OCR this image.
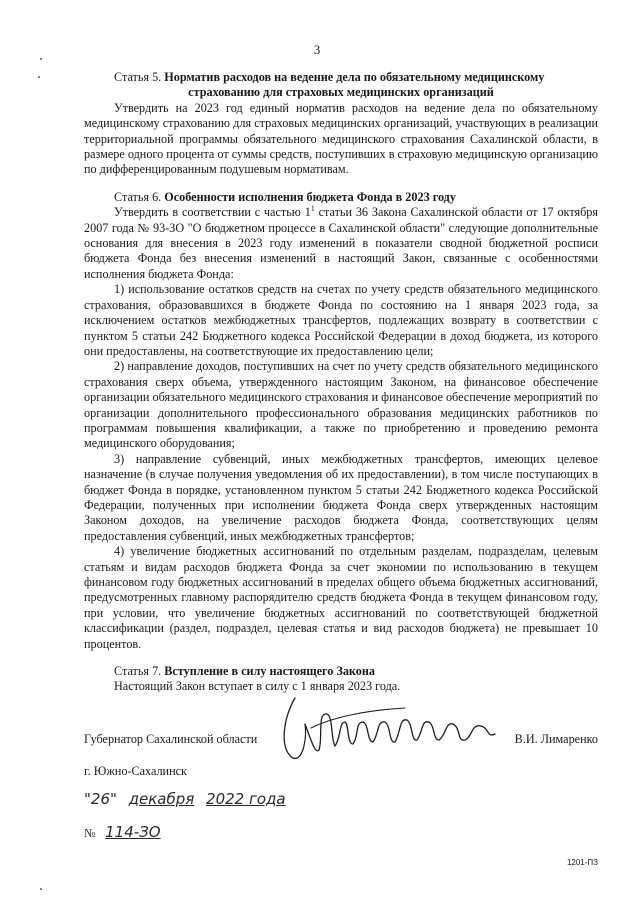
3

Статья 5. Норматив расходов на ведение дела по обязательному медицинскому

страхованию для страховых медицинских организаций

Утвердить на 2023 год единый норматив расходов на ведение дела по обязательному медицинскому страхованию для страховых медицинских организаций, участвующих в реализации территориальной программы обязательного медицинского страхования Сахалинской области, в размере одного процента от суммы средств, поступивших в страховую медицинскую организацию по дифференцированным подушевым нормативам.

Статья 6. Особенности исполнения бюджета Фонда в 2023 году

Утвердить в соответствии с частью $1^1$ статьи 36 Закона Сахалинской области от 17 октября 2007 года № 93-ЗО "О бюджетном процессе в Сахалинской области" следующие дополнительные основания для внесения в 2023 году изменений в показатели сводной бюджетной росписи бюджета Фонда без внесения изменений в настоящий Закон, связанные с особенностями исполнения бюджета Фонда:

1) использование остатков средств на счетах по учету средств обязательного медицинского страхования, образовавшихся в бюджете Фонда по состоянию на 1 января 2023 года, за исключением остатков межбюджетных трансфертов, подлежащих возврату в соответствии с пунктом 5 статьи 242 Бюджетного кодекса Российской Федерации в доход бюджета, из которого они предоставлены, на соответствующие их предоставлению цели;

2) направление доходов, поступивших на счет по учету средств обязательного медицинского страхования сверх объема, утвержденного настоящим Законом, на финансовое обеспечение организации обязательного медицинского страхования и финансовое обеспечение мероприятий по организации дополнительного профессионального образования медицинских работников по программам повышения квалификации, а также по приобретению и проведению ремонта медицинского оборудования;

3) направление субвенций, иных межбюджетных трансфертов, имеющих целевое назначение (в случае получения уведомления об их предоставлении), в том числе поступающих в бюджет Фонда в порядке, установленном пунктом 5 статьи 242 Бюджетного кодекса Российской Федерации, полученных при исполнении бюджета Фонда сверх утвержденных настоящим Законом доходов, на увеличение расходов бюджета Фонда, соответствующих целям предоставления субвенций, иных межбюджетных трансфертов;

4) увеличение бюджетных ассигнований по отдельным разделам, подразделам, целевым статьям и видам расходов бюджета Фонда за счет экономии по использованию в текущем финансовом году бюджетных ассигнований в пределах общего объема бюджетных ассигнований, предусмотренных главному распорядителю средств бюджета Фонда в текущем финансовом году, при условии, что увеличение бюджетных ассигнований по соответствующей бюджетной классификации (раздел, подраздел, целевая статья и вид расходов бюджета) не превышает 10 процентов.

Статья 7. Вступление в силу настоящего Закона

Настоящий Закон вступает в силу с 1 января 2023 года.

Губернатор Сахалинской области	В.И. Лимаренко
г. Южно-Сахалинск
"26" декабря 2022 года
№ 114-ЗО
1201-ПЗ
